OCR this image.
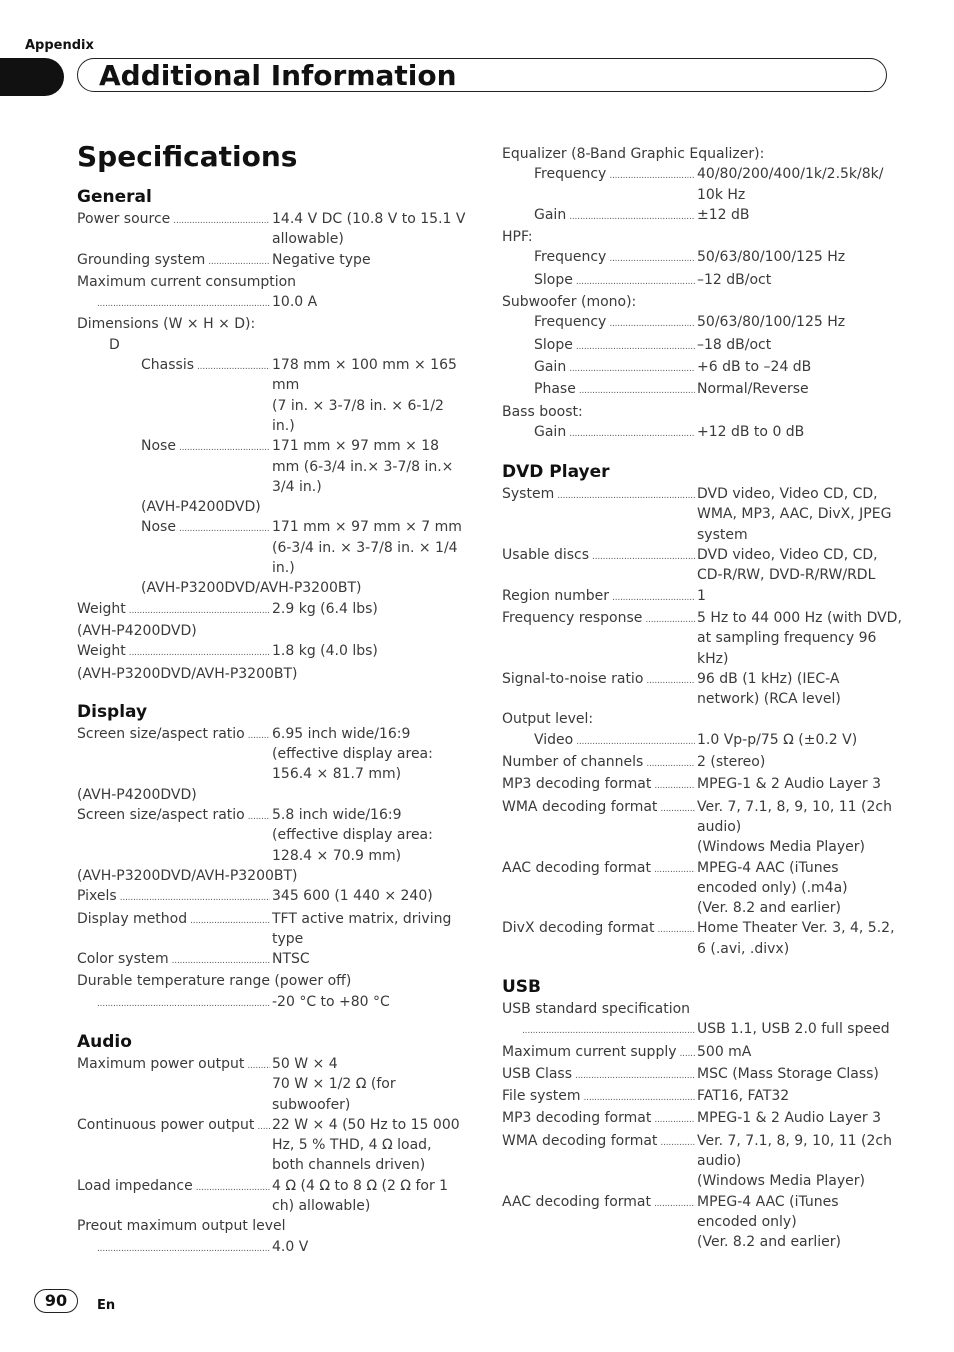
Appendix
Additional Information
Specifications
General
Power source .....	14.4 V DC (10.8 V to 15.1 V allowable)
Grounding system .....	Negative type
Maximum current consumption
.....
10.0 A
Dimensions (W × H × D):
D
Chassis .....	178 mm × 100 mm × 165 mm
(7 in. × 3-7/8 in. × 6-1/2 in.)
Nose .....	171 mm × 97 mm × 18 mm (6-3/4 in.× 3-7/8 in.× 3/4 in.)
(AVH-P4200DVD)
Nose .....	171 mm × 97 mm × 7 mm (6-3/4 in. × 3-7/8 in. × 1/4 in.)
(AVH-P3200DVD/AVH-P3200BT)
Weight .....	2.9 kg (6.4 lbs)
(AVH-P4200DVD)
Weight .....	1.8 kg (4.0 lbs)
(AVH-P3200DVD/AVH-P3200BT)
Display
Screen size/aspect ratio ..... 6.95 inch wide/16:9 (effective display area: 156.4 × 81.7 mm)
(AVH-P4200DVD)
Screen size/aspect ratio ..... 5.8 inch wide/16:9 (effective display area: 128.4 × 70.9 mm)
(AVH-P3200DVD/AVH-P3200BT)
Pixels .....	345 600 (1 440 × 240)
Display method .....	TFT active matrix, driving type
Color system .....	NTSC
Durable temperature range (power off)
.....
-20 °C to +80 °C
Audio
Maximum power output ..... 50 W × 4
70 W × 1/2 Ω (for subwoofer)
Continuous power output ..... 22 W × 4 (50 Hz to 15 000 Hz, 5 % THD, 4 Ω load, both channels driven)
Load impedance .....	4 Ω (4 Ω to 8 Ω (2 Ω for 1 ch) allowable)
Preout maximum output level
.....
4.0 V
Equalizer (8-Band Graphic Equalizer):
Frequency .....	40/80/200/400/1k/2.5k/8k/ 10k Hz
Gain .....	±12 dB
HPF:
Frequency .....	50/63/80/100/125 Hz
Slope .....	–12 dB/oct
Subwoofer (mono):
Frequency .....	50/63/80/100/125 Hz
Slope .....	–18 dB/oct
Gain .....	+6 dB to –24 dB
Phase .....	Normal/Reverse
Bass boost:
Gain .....	+12 dB to 0 dB
DVD Player
System .....	DVD video, Video CD, CD, WMA, MP3, AAC, DivX, JPEG system
Usable discs .....	DVD video, Video CD, CD, CD-R/RW, DVD-R/RW/RDL
Region number .....	1
Frequency response .....	5 Hz to 44 000 Hz (with DVD, at sampling frequency 96 kHz)
Signal-to-noise ratio .....	96 dB (1 kHz) (IEC-A network) (RCA level)
Output level:
Video .....	1.0 Vp-p/75 Ω (±0.2 V)
Number of channels .....	2 (stereo)
MP3 decoding format .....	MPEG-1 & 2 Audio Layer 3
WMA decoding format .....	Ver. 7, 7.1, 8, 9, 10, 11 (2ch audio)
(Windows Media Player)
AAC decoding format .....	MPEG-4 AAC (iTunes encoded only) (.m4a)
(Ver. 8.2 and earlier)
DivX decoding format .....	Home Theater Ver. 3, 4, 5.2, 6 (.avi, .divx)
USB
USB standard specification
.....
USB 1.1, USB 2.0 full speed
Maximum current supply ..... 500 mA
USB Class .....	MSC (Mass Storage Class)
File system .....	FAT16, FAT32
MP3 decoding format .....	MPEG-1 & 2 Audio Layer 3
WMA decoding format .....	Ver. 7, 7.1, 8, 9, 10, 11 (2ch audio)
(Windows Media Player)
AAC decoding format .....	MPEG-4 AAC (iTunes encoded only)
(Ver. 8.2 and earlier)
90	En
